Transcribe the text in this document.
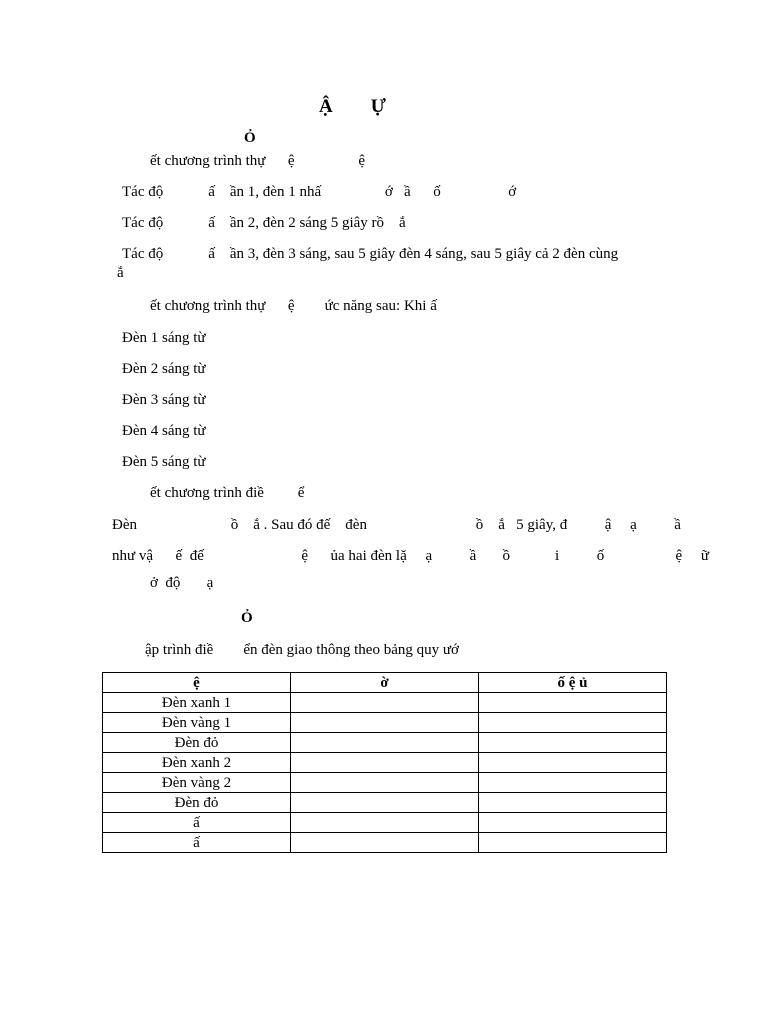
Ậ        Ự
Ỏ
ết chương trình thự      ệ                 ệ
Tác độ            ấ    ần 1, đèn 1 nhấ                 ớ   ầ      ố                  ớ
Tác độ            ấ    ần 2, đèn 2 sáng 5 giây rồ    ắ
Tác độ            ấ    ần 3, đèn 3 sáng, sau 5 giây đèn 4 sáng, sau 5 giây cả 2 đèn cùng
ắ
ết chương trình thự      ệ        ức năng sau: Khi ấ
Đèn 1 sáng từ
Đèn 2 sáng từ
Đèn 3 sáng từ
Đèn 4 sáng từ
Đèn 5 sáng từ
ết chương trình điề         ể
Đèn                         ồ    ắ . Sau đó đế    đèn                             ồ    ắ   5 giây, đ          ậ     ạ          ầ
như vậ      ế  đế                          ệ      ủa hai đèn lặ     ạ          ầ       ồ            i          ố                   ệ     ữ
ở  độ       ạ
Ỏ
ập trình điề        ển đèn giao thông theo bảng quy ướ
ệ	ờ	ố ệ ủ
Đèn xanh 1		
Đèn vàng 1		
Đèn đỏ		
Đèn xanh 2		
Đèn vàng 2		
Đèn đỏ		
ấ		
ấ		
